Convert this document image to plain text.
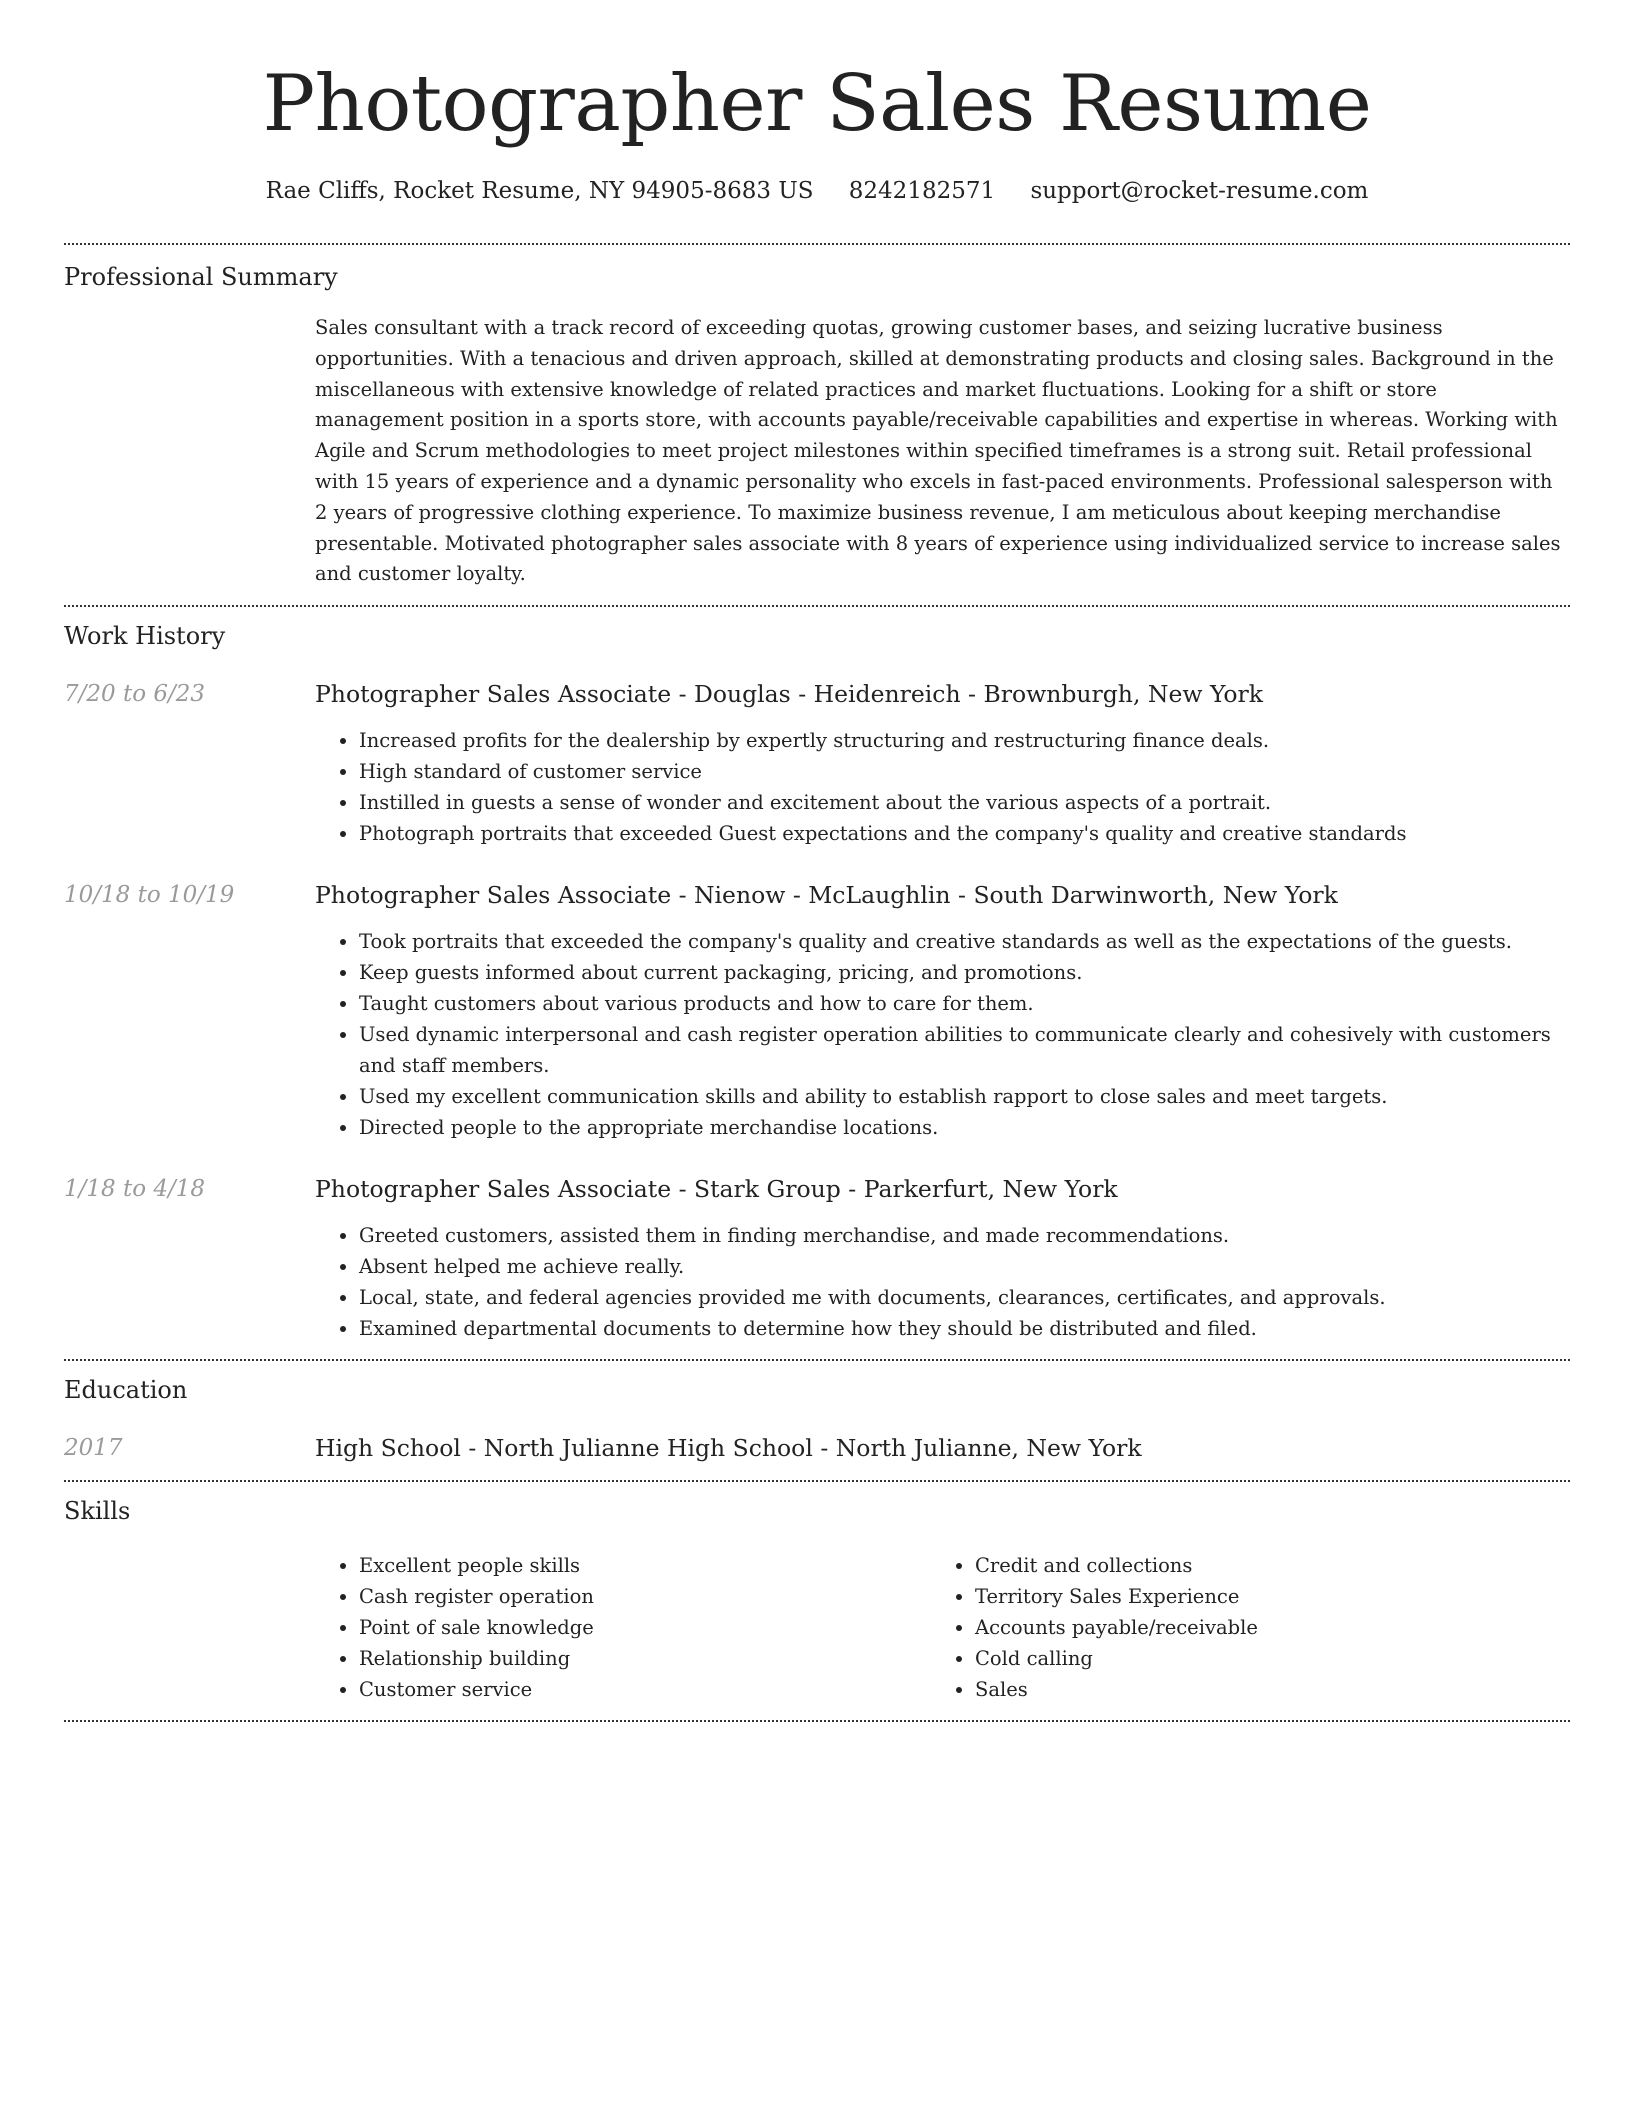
Photographer Sales Resume
Rae Cliffs, Rocket Resume, NY 94905-8683 US 8242182571 support@rocket-resume.com
Professional Summary

Sales consultant with a track record of exceeding quotas, growing customer bases, and seizing lucrative business opportunities. With a tenacious and driven approach, skilled at demonstrating products and closing sales. Background in the miscellaneous with extensive knowledge of related practices and market fluctuations. Looking for a shift or store management position in a sports store, with accounts payable/receivable capabilities and expertise in whereas. Working with Agile and Scrum methodologies to meet project milestones within specified timeframes is a strong suit. Retail professional with 15 years of experience and a dynamic personality who excels in fast-paced environments. Professional salesperson with 2 years of progressive clothing experience. To maximize business revenue, I am meticulous about keeping merchandise presentable. Motivated photographer sales associate with 8 years of experience using individualized service to increase sales and customer loyalty.

Work History
7/20 to 6/23	Photographer Sales Associate - Douglas - Heidenreich - Brownburgh, New York
• Increased profits for the dealership by expertly structuring and restructuring finance deals.
• High standard of customer service
• Instilled in guests a sense of wonder and excitement about the various aspects of a portrait.
• Photograph portraits that exceeded Guest expectations and the company's quality and creative standards
10/18 to 10/19	Photographer Sales Associate - Nienow - McLaughlin - South Darwinworth, New York
• Took portraits that exceeded the company's quality and creative standards as well as the expectations of the guests.
• Keep guests informed about current packaging, pricing, and promotions.
• Taught customers about various products and how to care for them.
• Used dynamic interpersonal and cash register operation abilities to communicate clearly and cohesively with customers and staff members.
• Used my excellent communication skills and ability to establish rapport to close sales and meet targets.
• Directed people to the appropriate merchandise locations.
1/18 to 4/18	Photographer Sales Associate - Stark Group - Parkerfurt, New York
• Greeted customers, assisted them in finding merchandise, and made recommendations.
• Absent helped me achieve really.
• Local, state, and federal agencies provided me with documents, clearances, certificates, and approvals.
• Examined departmental documents to determine how they should be distributed and filed.
Education
2017	High School - North Julianne High School - North Julianne, New York
Skills
• Excellent people skills
• Cash register operation
• Point of sale knowledge
• Relationship building
• Customer service
• Credit and collections
• Territory Sales Experience
• Accounts payable/receivable
• Cold calling
• Sales
